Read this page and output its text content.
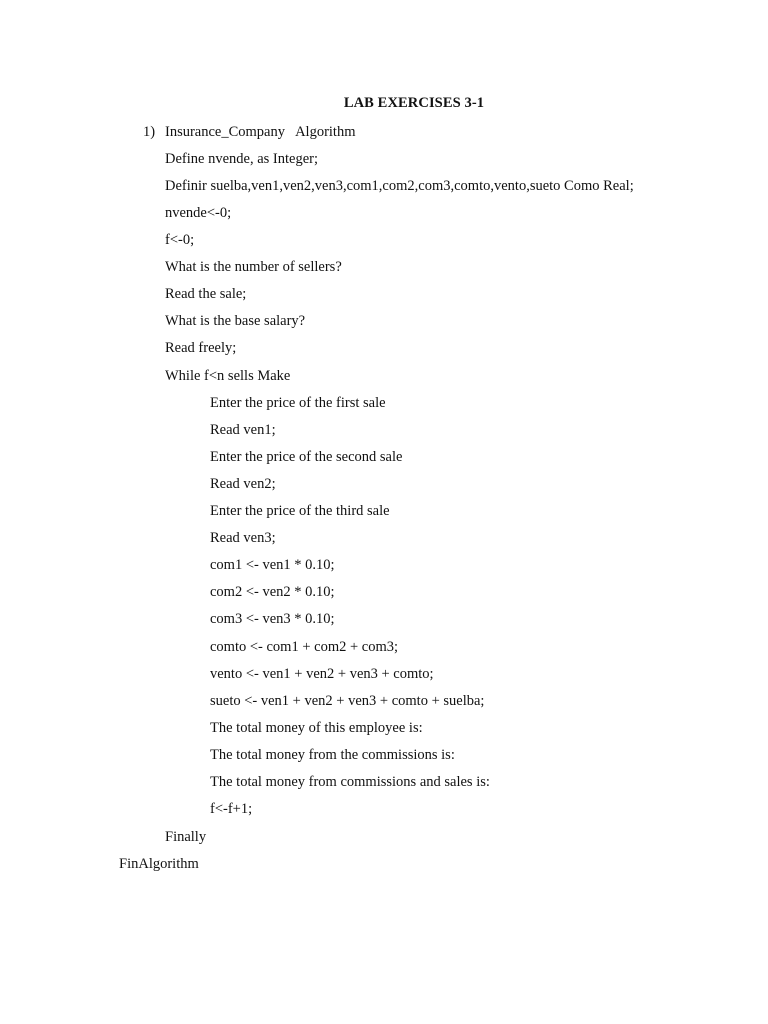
LAB EXERCISES 3-1
1) Insurance_Company   Algorithm
Define nvende, as Integer;
Definir suelba,ven1,ven2,ven3,com1,com2,com3,comto,vento,sueto Como Real;
nvende<-0;
f<-0;
What is the number of sellers?
Read the sale;
What is the base salary?
Read freely;
While f<n sells Make
Enter the price of the first sale
Read ven1;
Enter the price of the second sale
Read ven2;
Enter the price of the third sale
Read ven3;
com1 <- ven1 * 0.10;
com2 <- ven2 * 0.10;
com3 <- ven3 * 0.10;
comto <- com1 + com2 + com3;
vento <- ven1 + ven2 + ven3 + comto;
sueto <- ven1 + ven2 + ven3 + comto + suelba;
The total money of this employee is:
The total money from the commissions is:
The total money from commissions and sales is:
f<-f+1;
Finally
FinAlgorithm
